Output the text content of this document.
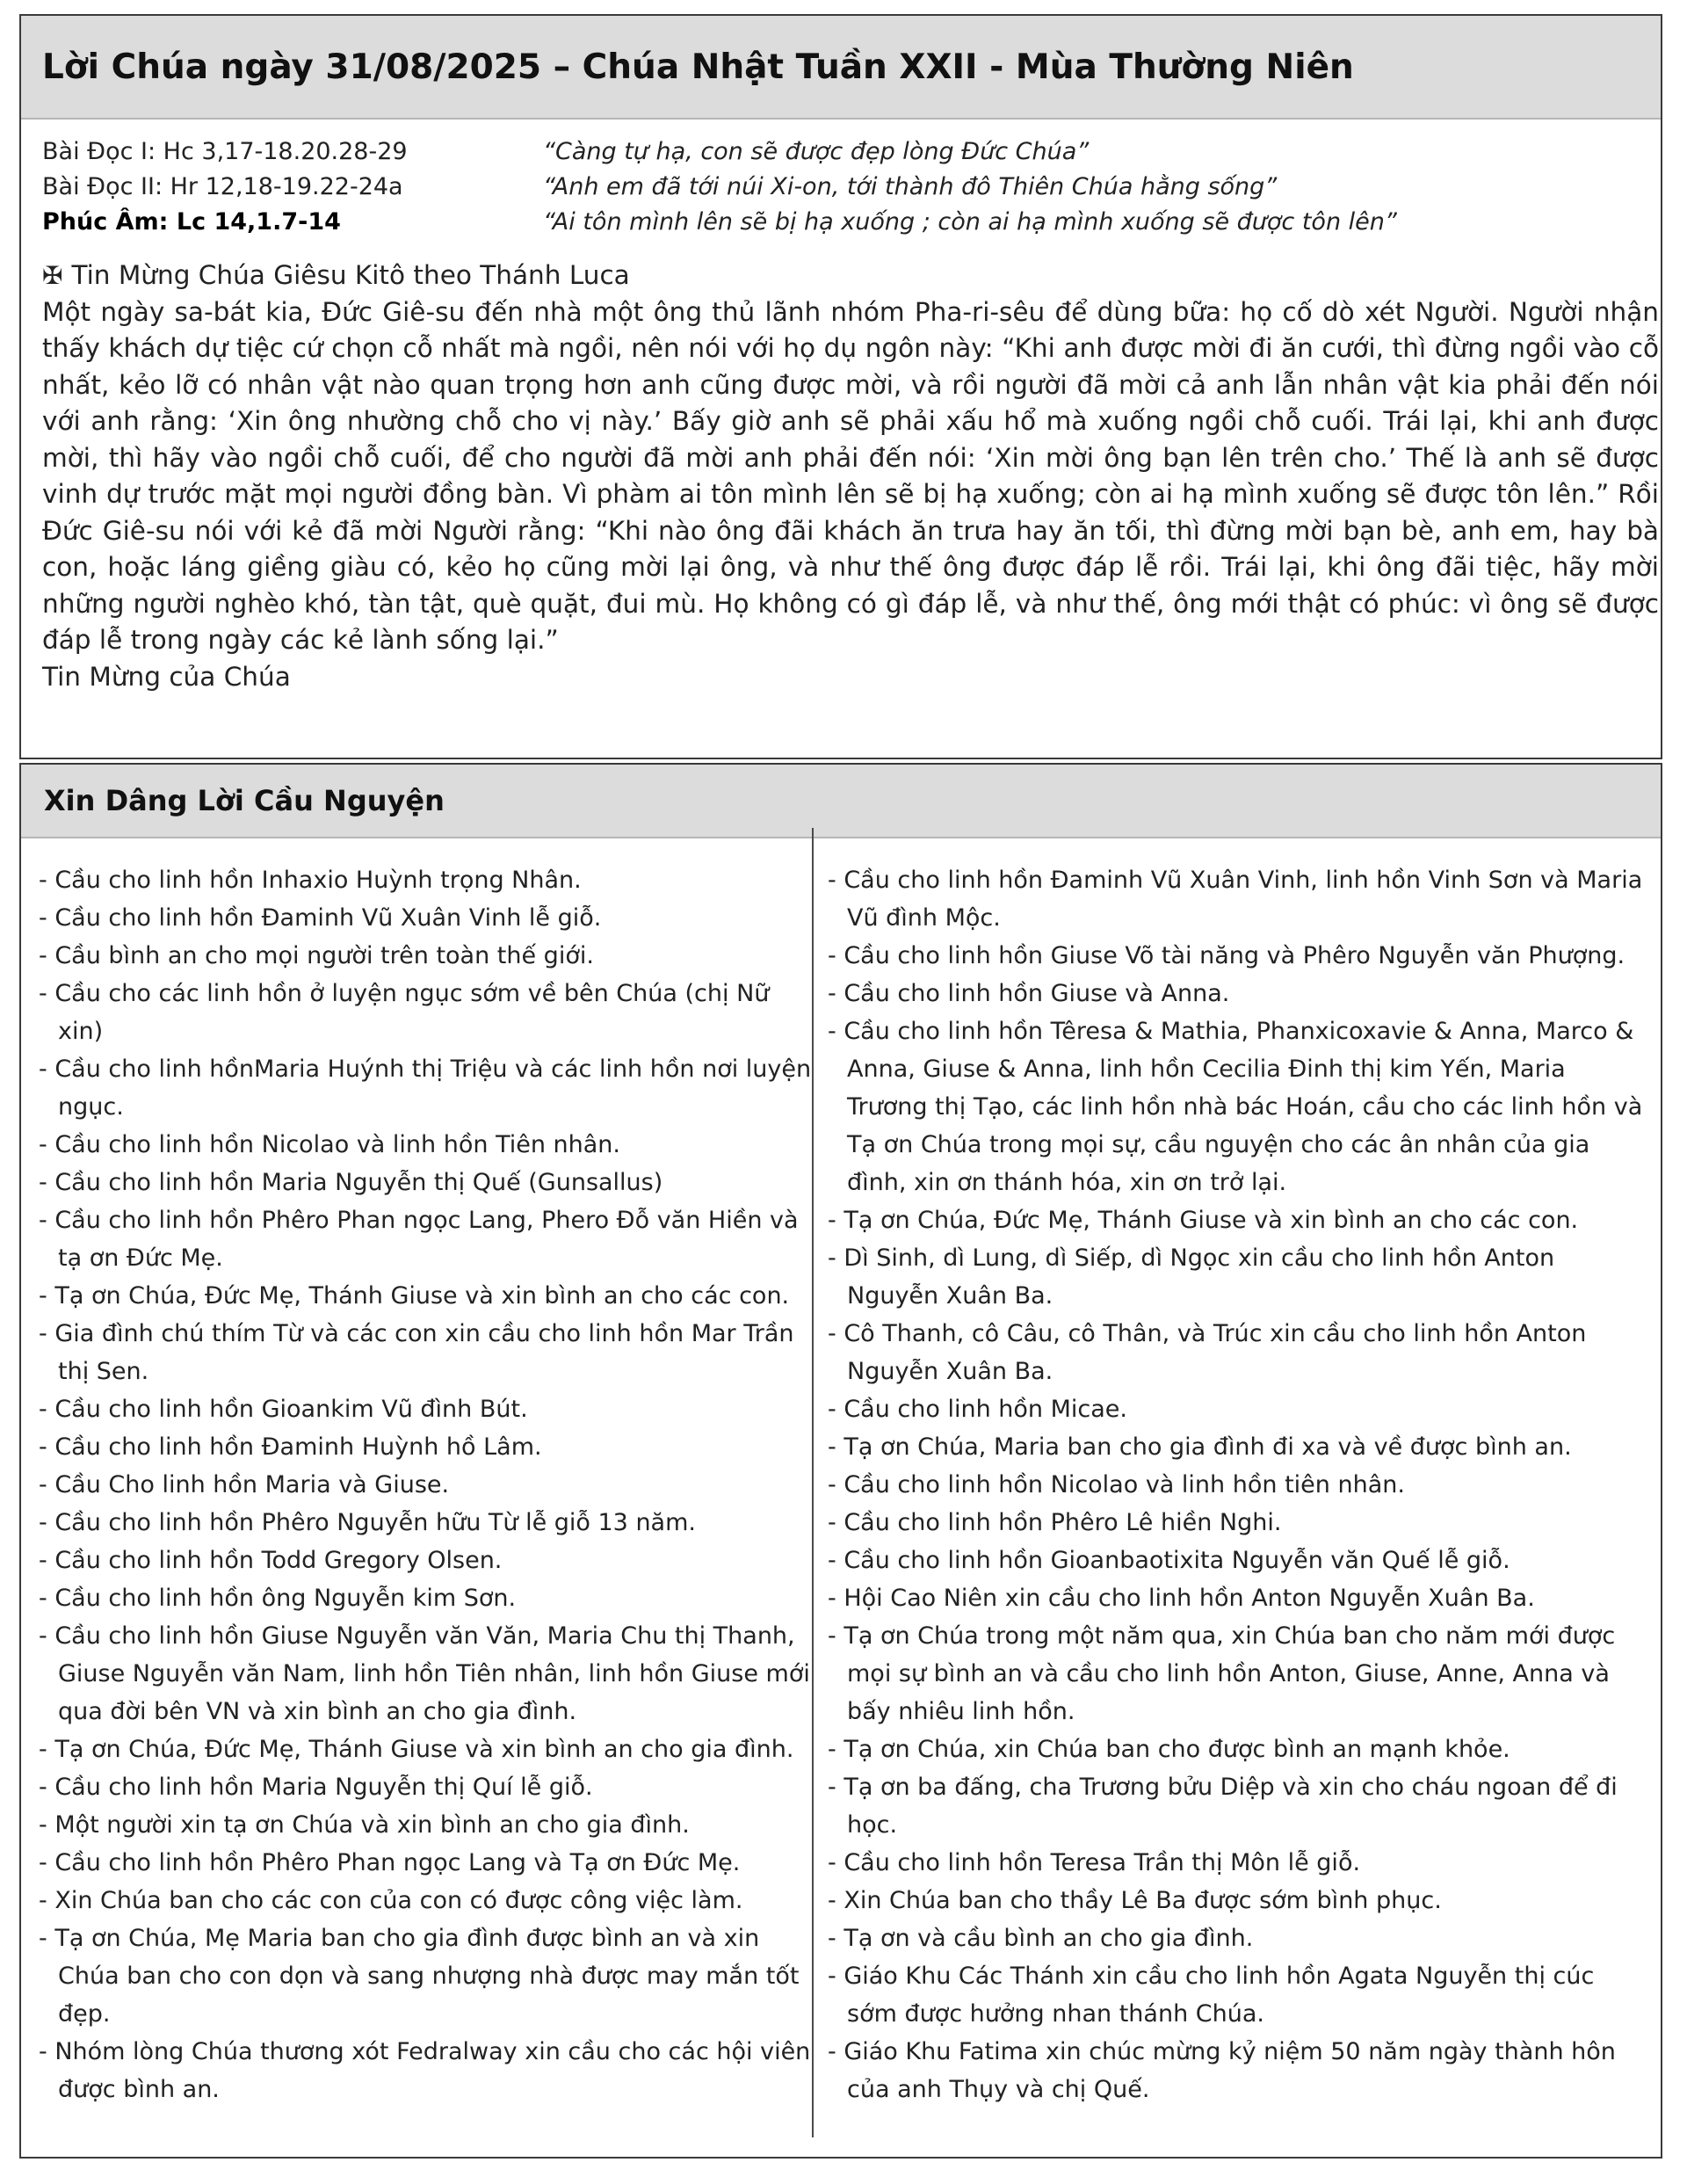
Lời Chúa ngày 31/08/2025 – Chúa Nhật Tuần XXII - Mùa Thường Niên
Bài Đọc I: Hc 3,17-18.20.28-29	“Càng tự hạ, con sẽ được đẹp lòng Đức Chúa”
Bài Đọc II: Hr 12,18-19.22-24a	“Anh em đã tới núi Xi-on, tới thành đô Thiên Chúa hằng sống”
Phúc Âm: Lc 14,1.7-14	“Ai tôn mình lên sẽ bị hạ xuống ; còn ai hạ mình xuống sẽ được tôn lên”

✠ Tin Mừng Chúa Giêsu Kitô theo Thánh Luca

Một ngày sa-bát kia, Đức Giê-su đến nhà một ông thủ lãnh nhóm Pha-ri-sêu để dùng bữa: họ cố dò xét Người. Người nhận thấy khách dự tiệc cứ chọn cỗ nhất mà ngồi, nên nói với họ dụ ngôn này: “Khi anh được mời đi ăn cưới, thì đừng ngồi vào cỗ nhất, kẻo lỡ có nhân vật nào quan trọng hơn anh cũng được mời, và rồi người đã mời cả anh lẫn nhân vật kia phải đến nói với anh rằng: ‘Xin ông nhường chỗ cho vị này.’ Bấy giờ anh sẽ phải xấu hổ mà xuống ngồi chỗ cuối. Trái lại, khi anh được mời, thì hãy vào ngồi chỗ cuối, để cho người đã mời anh phải đến nói: ‘Xin mời ông bạn lên trên cho.’ Thế là anh sẽ được vinh dự trước mặt mọi người đồng bàn. Vì phàm ai tôn mình lên sẽ bị hạ xuống; còn ai hạ mình xuống sẽ được tôn lên.” Rồi Đức Giê-su nói với kẻ đã mời Người rằng: “Khi nào ông đãi khách ăn trưa hay ăn tối, thì đừng mời bạn bè, anh em, hay bà con, hoặc láng giềng giàu có, kẻo họ cũng mời lại ông, và như thế ông được đáp lễ rồi. Trái lại, khi ông đãi tiệc, hãy mời những người nghèo khó, tàn tật, què quặt, đui mù. Họ không có gì đáp lễ, và như thế, ông mới thật có phúc: vì ông sẽ được đáp lễ trong ngày các kẻ lành sống lại.”

Tin Mừng của Chúa

Xin Dâng Lời Cầu Nguyện
- Cầu cho linh hồn Inhaxio Huỳnh trọng Nhân.
- Cầu cho linh hồn Đaminh Vũ Xuân Vinh lễ giỗ.
- Cầu bình an cho mọi người trên toàn thế giới.
- Cầu cho các linh hồn ở luyện ngục sớm về bên Chúa (chị Nữ xin)
- Cầu cho linh hồnMaria Huýnh thị Triệu và các linh hồn nơi luyện ngục.
- Cầu cho linh hồn Nicolao và linh hồn Tiên nhân.
- Cầu cho linh hồn Maria Nguyễn thị Quế (Gunsallus)
- Cầu cho linh hồn Phêro Phan ngọc Lang, Phero Đỗ văn Hiền và tạ ơn Đức Mẹ.
- Tạ ơn Chúa, Đức Mẹ, Thánh Giuse và xin bình an cho các con.
- Gia đình chú thím Từ và các con xin cầu cho linh hồn Mar Trần thị Sen.
- Cầu cho linh hồn Gioankim Vũ đình Bút.
- Cầu cho linh hồn Đaminh Huỳnh hồ Lâm.
- Cầu Cho linh hồn Maria và Giuse.
- Cầu cho linh hồn Phêro Nguyễn hữu Từ lễ giỗ 13 năm.
- Cầu cho linh hồn Todd Gregory Olsen.
- Cầu cho linh hồn ông Nguyễn kim Sơn.
- Cầu cho linh hồn Giuse Nguyễn văn Văn, Maria Chu thị Thanh, Giuse Nguyễn văn Nam, linh hồn Tiên nhân, linh hồn Giuse mới qua đời bên VN và xin bình an cho gia đình.
- Tạ ơn Chúa, Đức Mẹ, Thánh Giuse và xin bình an cho gia đình.
- Cầu cho linh hồn Maria Nguyễn thị Quí lễ giỗ.
- Một người xin tạ ơn Chúa và xin bình an cho gia đình.
- Cầu cho linh hồn Phêro Phan ngọc Lang và Tạ ơn Đức Mẹ.
- Xin Chúa ban cho các con của con có được công việc làm.
- Tạ ơn Chúa, Mẹ Maria ban cho gia đình được bình an và xin Chúa ban cho con dọn và sang nhượng nhà được may mắn tốt đẹp.
- Nhóm lòng Chúa thương xót Fedralway xin cầu cho các hội viên được bình an.
- Cầu cho linh hồn Đaminh Vũ Xuân Vinh, linh hồn Vinh Sơn và Maria Vũ đình Mộc.
- Cầu cho linh hồn Giuse Võ tài năng và Phêro Nguyễn văn Phượng.
- Cầu cho linh hồn Giuse và Anna.
- Cầu cho linh hồn Têresa & Mathia, Phanxicoxavie & Anna, Marco & Anna, Giuse & Anna, linh hồn Cecilia Đinh thị kim Yến, Maria Trương thị Tạo, các linh hồn nhà bác Hoán, cầu cho các linh hồn và Tạ ơn Chúa trong mọi sự, cầu nguyện cho các ân nhân của gia đình, xin ơn thánh hóa, xin ơn trở lại.
- Tạ ơn Chúa, Đức Mẹ, Thánh Giuse và xin bình an cho các con.
- Dì Sinh, dì Lung, dì Siếp, dì Ngọc xin cầu cho linh hồn Anton Nguyễn Xuân Ba.
- Cô Thanh, cô Câu, cô Thân, và Trúc xin cầu cho linh hồn Anton Nguyễn Xuân Ba.
- Cầu cho linh hồn Micae.
- Tạ ơn Chúa, Maria ban cho gia đình đi xa và về được bình an.
- Cầu cho linh hồn Nicolao và linh hồn tiên nhân.
- Cầu cho linh hồn Phêro Lê hiền Nghi.
- Cầu cho linh hồn Gioanbaotixita Nguyễn văn Quế lễ giỗ.
- Hội Cao Niên xin cầu cho linh hồn Anton Nguyễn Xuân Ba.
- Tạ ơn Chúa trong một năm qua, xin Chúa ban cho năm mới được mọi sự bình an và cầu cho linh hồn Anton, Giuse, Anne, Anna và bấy nhiêu linh hồn.
- Tạ ơn Chúa, xin Chúa ban cho được bình an mạnh khỏe.
- Tạ ơn ba đấng, cha Trương bửu Diệp và xin cho cháu ngoan để đi học.
- Cầu cho linh hồn Teresa Trần thị Môn lễ giỗ.
- Xin Chúa ban cho thầy Lê Ba được sớm bình phục.
- Tạ ơn và cầu bình an cho gia đình.
- Giáo Khu Các Thánh xin cầu cho linh hồn Agata Nguyễn thị cúc sớm được hưởng nhan thánh Chúa.
- Giáo Khu Fatima xin chúc mừng kỷ niệm 50 năm ngày thành hôn của anh Thụy và chị Quế.
